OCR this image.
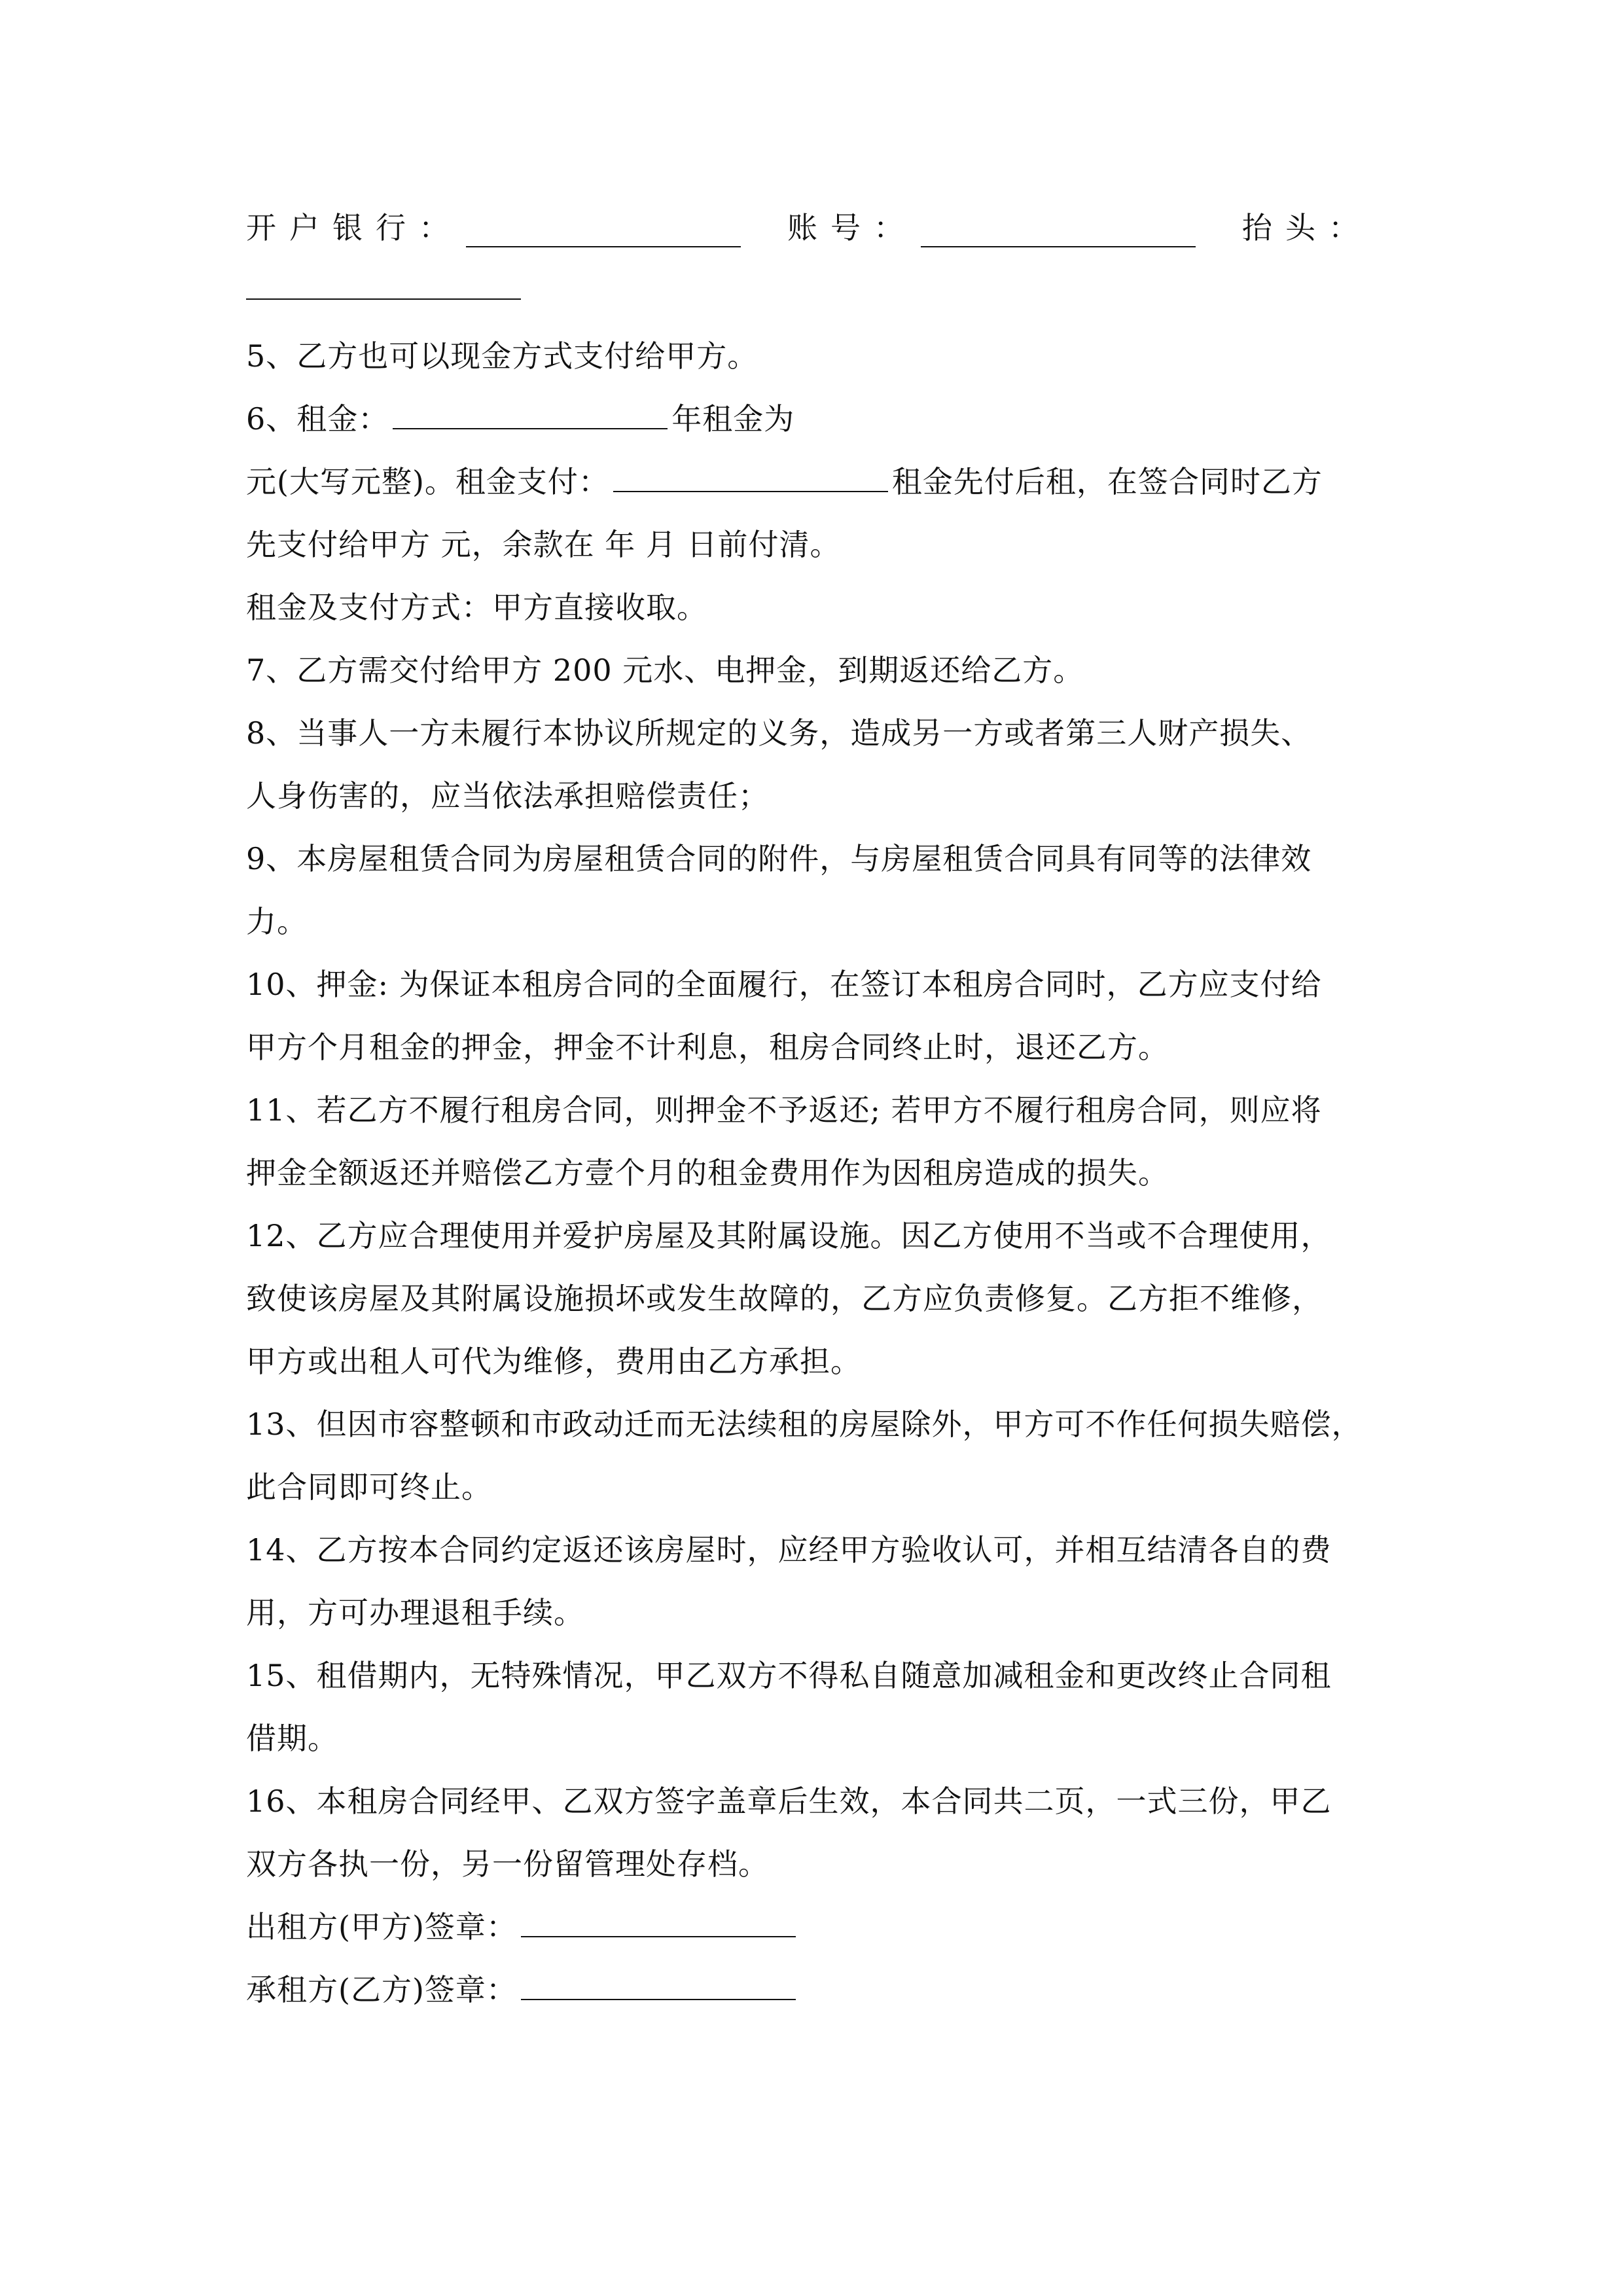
开户银行：	账号：	抬头：
5、乙方也可以现金方式支付给甲方。
6、租金：	年租金为
元(大写元整)。租金支付：	租金先付后租，在签合同时乙方
先支付给甲方 元，余款在 年 月 日前付清。
租金及支付方式：甲方直接收取。
7、乙方需交付给甲方 200 元水、电押金，到期返还给乙方。
8、当事人一方未履行本协议所规定的义务，造成另一方或者第三人财产损失、
人身伤害的，应当依法承担赔偿责任；
9、本房屋租赁合同为房屋租赁合同的附件，与房屋租赁合同具有同等的法律效
力。
10、押金: 为保证本租房合同的全面履行，在签订本租房合同时，乙方应支付给
甲方个月租金的押金，押金不计利息，租房合同终止时，退还乙方。
11、若乙方不履行租房合同，则押金不予返还; 若甲方不履行租房合同，则应将
押金全额返还并赔偿乙方壹个月的租金费用作为因租房造成的损失。
12、乙方应合理使用并爱护房屋及其附属设施。因乙方使用不当或不合理使用，
致使该房屋及其附属设施损坏或发生故障的，乙方应负责修复。乙方拒不维修，
甲方或出租人可代为维修，费用由乙方承担。
13、但因市容整顿和市政动迁而无法续租的房屋除外，甲方可不作任何损失赔偿，
此合同即可终止。
14、乙方按本合同约定返还该房屋时，应经甲方验收认可，并相互结清各自的费
用，方可办理退租手续。
15、租借期内，无特殊情况，甲乙双方不得私自随意加减租金和更改终止合同租
借期。
16、本租房合同经甲、乙双方签字盖章后生效，本合同共二页，一式三份，甲乙
双方各执一份，另一份留管理处存档。
出租方(甲方)签章：
承租方(乙方)签章：
